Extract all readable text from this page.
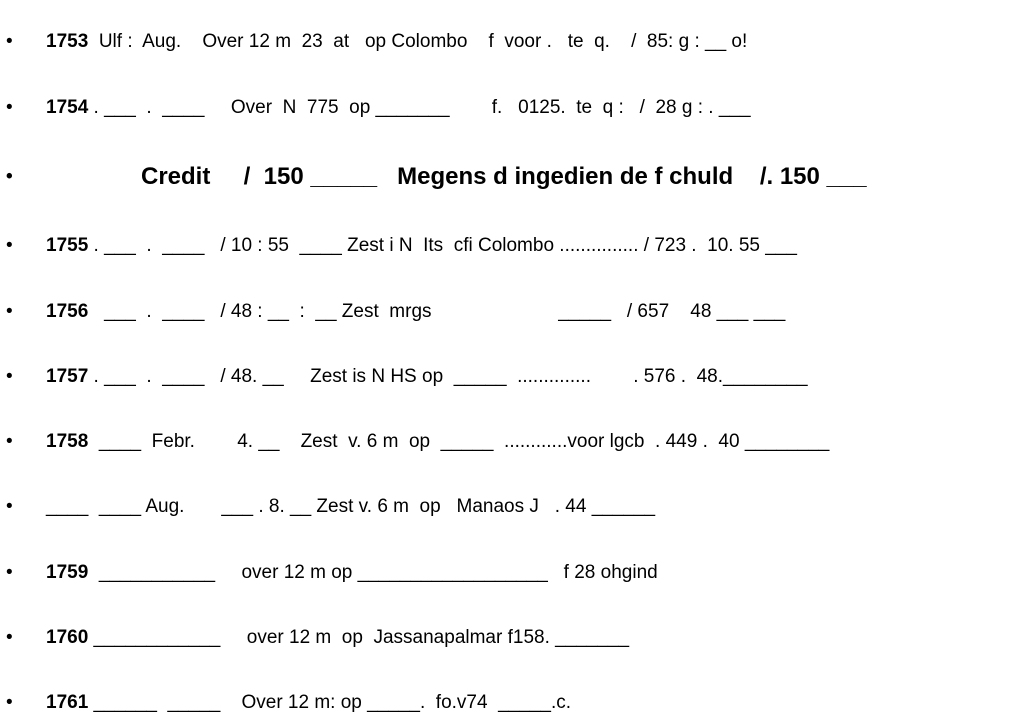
• 1753  Ulf :  Aug.    Over 12 m  23  at   op Colombo    f  voor .   te  q.    /  85: g : __ o!
• 1754 . ___  .  ____     Over  N  775  op _______        f.   0125.  te  q :   /  28 g : . ___
•	Credit     /  150 _____   Megens d ingedien de f chuld    /. 150 ___
• 1755 . ___  .  ____   / 10 : 55  ____ Zest i N  Its  cfi Colombo ............... / 723 .  10. 55 ___
• 1756   ___  .  ____   / 48 : __  :  __ Zest  mrgs                        _____   / 657    48 ___ ___
• 1757 . ___  .  ____   / 48. __     Zest is N HS op  _____  ..............        . 576 .  48.________
• 1758  ____  Febr.        4. __    Zest  v. 6 m  op  _____  ............voor lgcb  . 449 .  40 ________
• ____  ____ Aug.       ___ . 8. __ Zest v. 6 m  op   Manaos J   . 44 ______
• 1759  ___________     over 12 m op __________________   f 28 ohgind
• 1760 ____________     over 12 m  op  Jassanapalmar f158. _______
• 1761 ______  _____    Over 12 m: op _____.  fo.v74  _____.c.
